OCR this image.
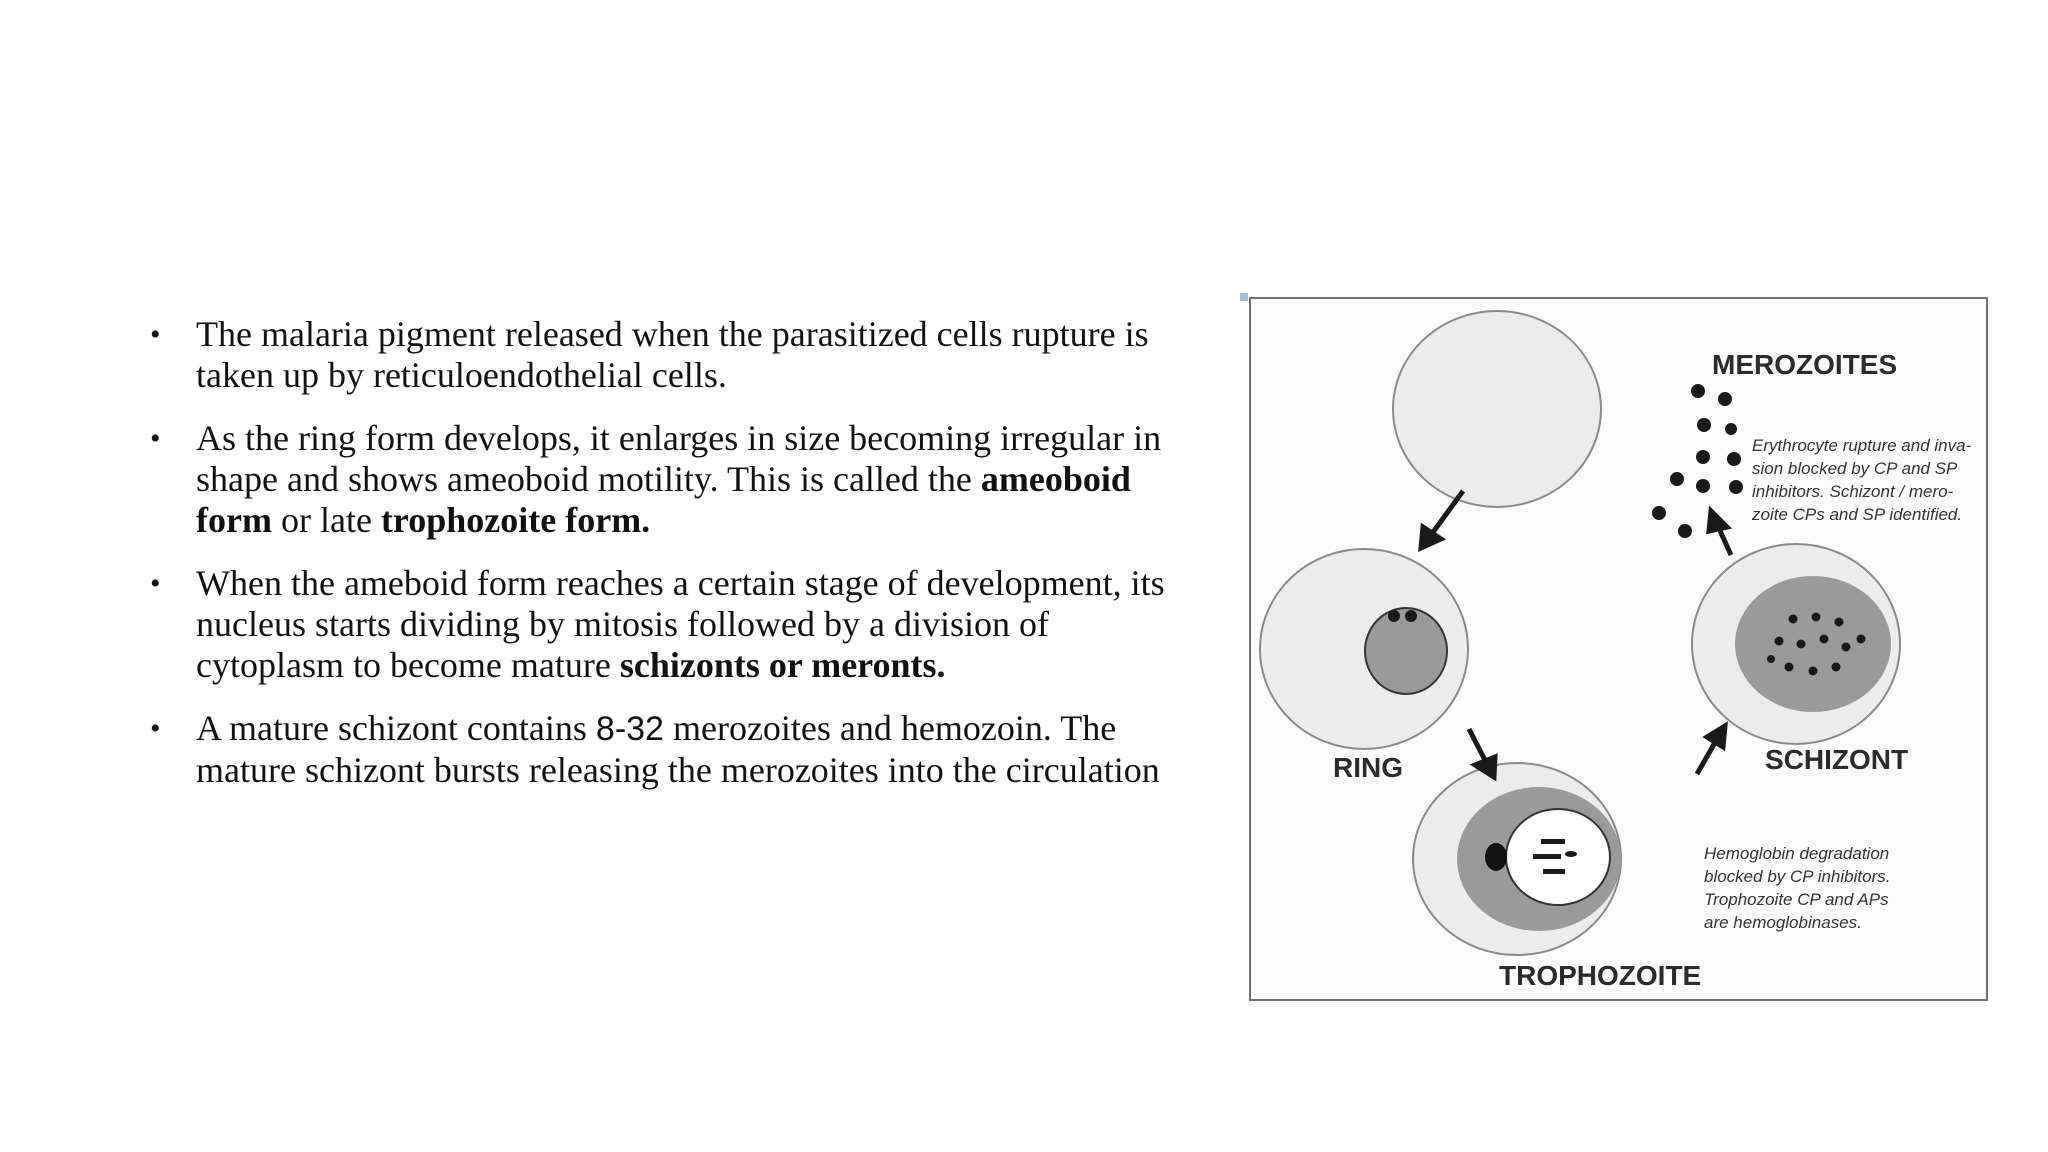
• The malaria pigment released when the parasitized cells rupture is taken up by reticuloendothelial cells.
• As the ring form develops, it enlarges in size becoming irregular in shape and shows ameoboid motility. This is called the ameoboid form or late trophozoite form.
• When the ameboid form reaches a certain stage of development, its nucleus starts dividing by mitosis followed by a division of cytoplasm to become mature schizonts or meronts.
• A mature schizont contains 8-32 merozoites and hemozoin. The mature schizont bursts releasing the merozoites into the circulation
MEROZOITES
RING	SCHIZONT
TROPHOZOITE
Erythrocyte rupture and inva-
sion blocked by CP and SP
inhibitors. Schizont / mero-
zoite CPs and SP identified.
Hemoglobin degradation
blocked by CP inhibitors.
Trophozoite CP and APs
are hemoglobinases.
